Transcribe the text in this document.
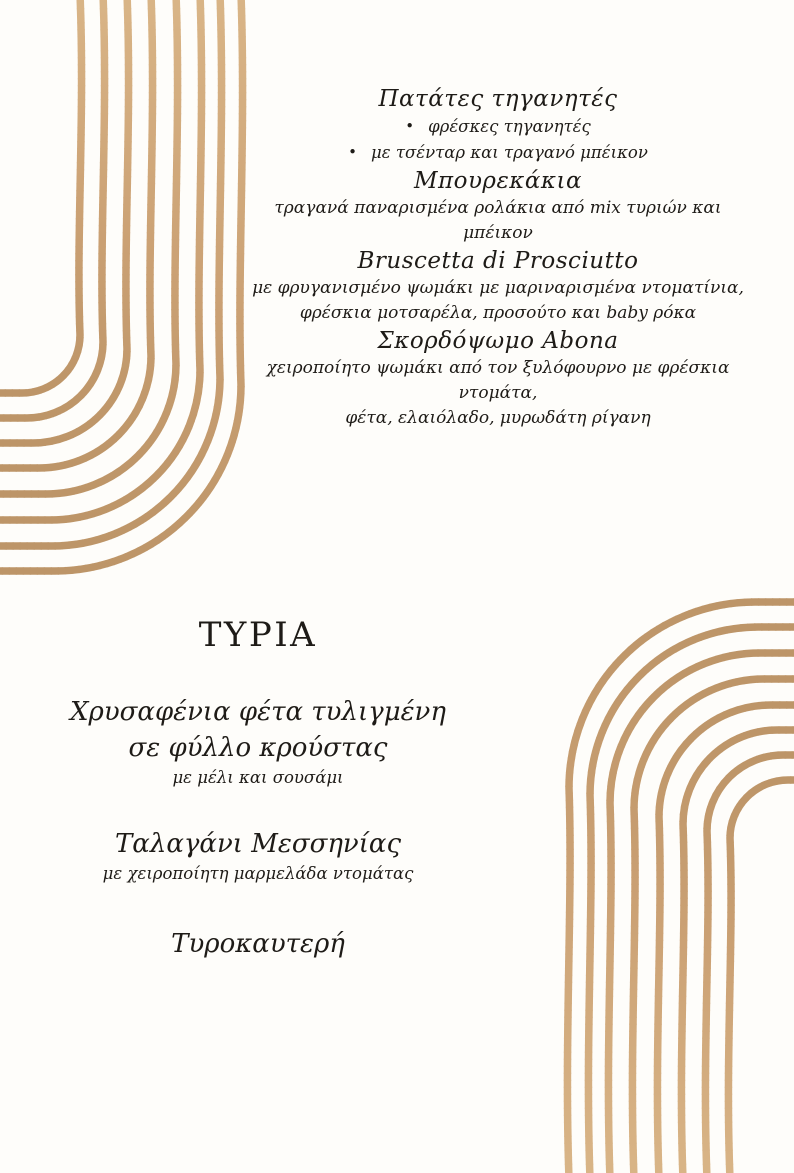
Πατάτες τηγανητές
• φρέσκες τηγανητές
• με τσένταρ και τραγανό μπέικον
Μπουρεκάκια

τραγανά παναρισμένα ρολάκια από mix τυριών και μπέικον

Bruscetta di Prosciutto

με φρυγανισμένο ψωμάκι με μαριναρισμένα ντοματίνια,

φρέσκια μοτσαρέλα, προσούτο και baby ρόκα

Σκορδόψωμο Abona

χειροποίητο ψωμάκι από τον ξυλόφουρνο με φρέσκια ντομάτα,

φέτα, ελαιόλαδο, μυρωδάτη ρίγανη

ΤΥΡΙΑ
Χρυσαφένια φέτα τυλιγμένη
σε φύλλο κρούστας

με μέλι και σουσάμι

Ταλαγάνι Μεσσηνίας

με χειροποίητη μαρμελάδα ντομάτας

Τυροκαυτερή
